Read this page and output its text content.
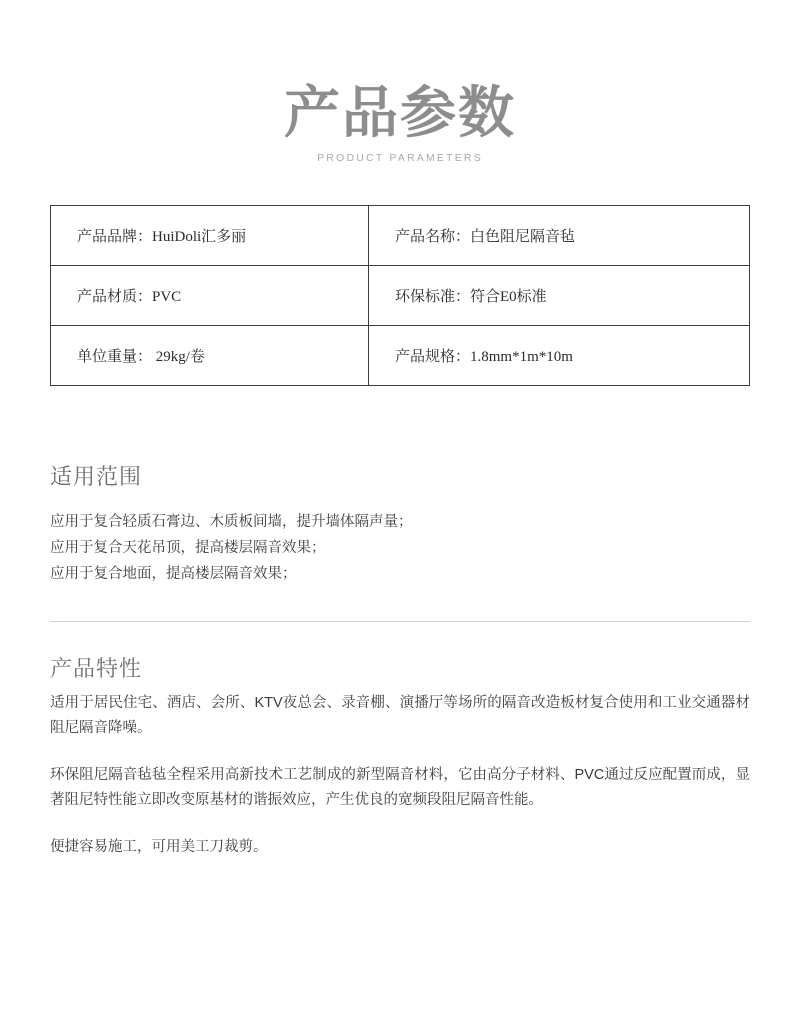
产品参数
PRODUCT PARAMETERS
产品品牌：HuiDoli汇多丽	产品名称：白色阻尼隔音毡
产品材质：PVC	环保标准：符合E0标准
单位重量： 29kg/卷	产品规格：1.8mm*1m*10m
适用范围
应用于复合轻质石膏边、木质板间墙，提升墙体隔声量；
应用于复合天花吊顶，提高楼层隔音效果；
应用于复合地面，提高楼层隔音效果；
产品特性

适用于居民住宅、酒店、会所、KTV夜总会、录音棚、演播厅等场所的隔音改造板材复合使用和工业交通器材阻尼隔音降噪。

环保阻尼隔音毡毡全程采用高新技术工艺制成的新型隔音材料，它由高分子材料、PVC通过反应配置而成，显著阻尼特性能立即改变原基材的谐振效应，产生优良的宽频段阻尼隔音性能。

便捷容易施工，可用美工刀裁剪。
